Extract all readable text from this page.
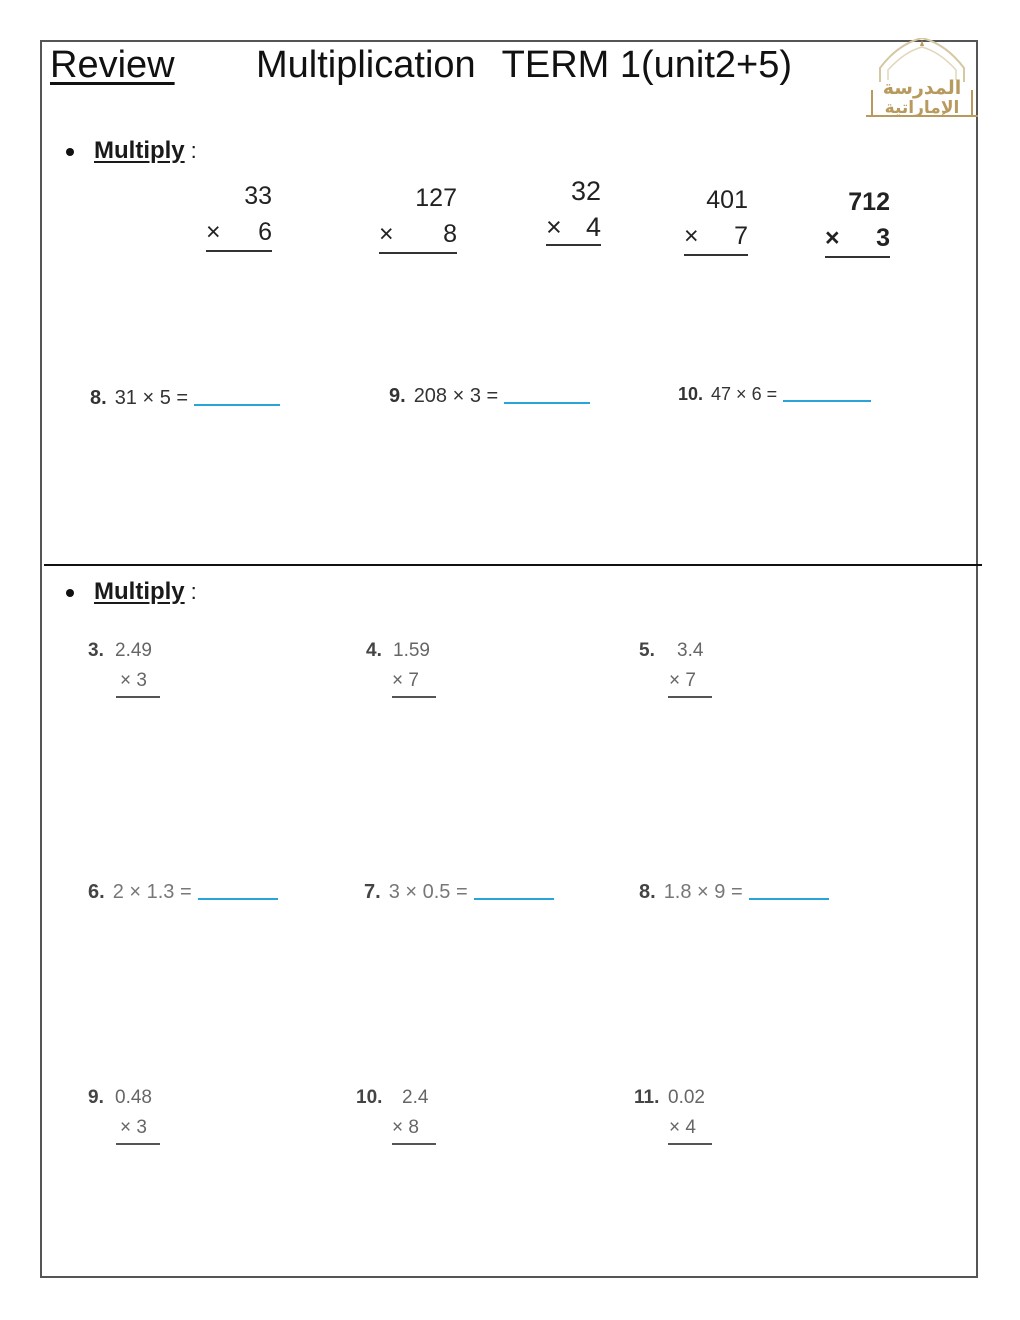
Review Multiplication TERM 1(unit2+5)
المدرسة
الإماراتية
Multiply :
33
× 6
127
× 8
32
× 4
401
× 7
712
× 3
8. 31 × 5 =	9. 208 × 3 =	10. 47 × 6 =
Multiply :
3. 2.49
× 3
4. 1.59
× 7
5. 3.4
× 7
6. 2 × 1.3 =	7. 3 × 0.5 =	8. 1.8 × 9 =
9. 0.48
× 3
10. 2.4
× 8
11. 0.02
× 4
